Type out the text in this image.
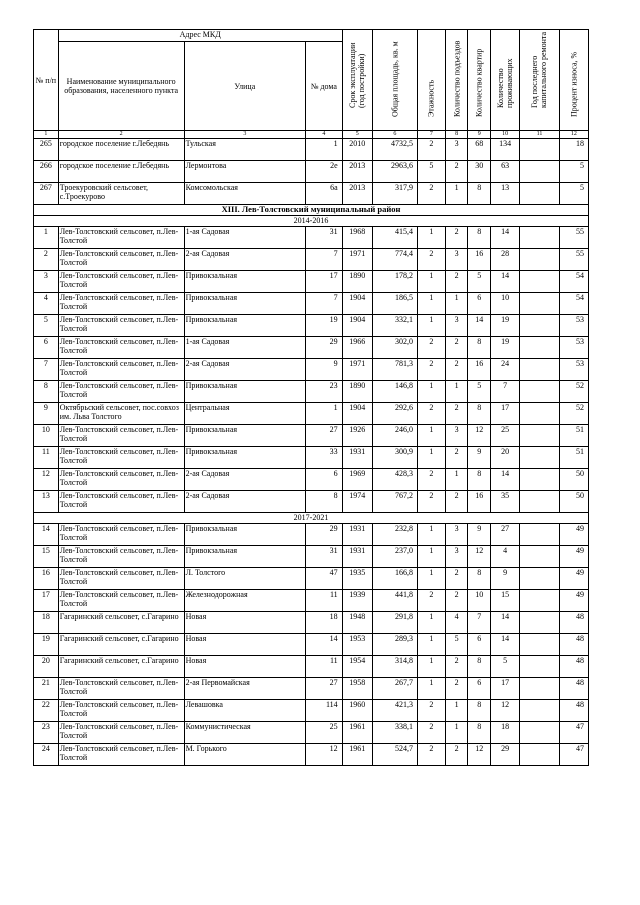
№ п/п	Адрес МКД			Срок эксплуатации (год постройки)	Общая площадь, кв. м	Этажность	Количество подъездов	Количество квартир	Количество проживающих	Год последнего капитального ремонта	Процент износа, %

	Наименование муниципального образования, населенного пункта	Улица	№ дома								
1	2	3	4	5	6	7	8	9	10	11	12
265	городское поселение г.Лебедянь	Тульская	1	2010	4732,5	2	3	68	134		18
266	городское поселение г.Лебедянь	Лермонтова	2е	2013	2963,6	5	2	30	63		5
267	Троекуровский сельсовет, с.Троекурово	Комсомольская	6а	2013	317,9	2	1	8	13		5
XIII. Лев-Толстовский муниципальный район											
2014-2016											
1	Лев-Толстовский сельсовет, п.Лев-Толстой	1-ая Садовая	31	1968	415,4	1	2	8	14		55
2	Лев-Толстовский сельсовет, п.Лев-Толстой	2-ая Садовая	7	1971	774,4	2	3	16	28		55
3	Лев-Толстовский сельсовет, п.Лев-Толстой	Привокзальная	17	1890	178,2	1	2	5	14		54
4	Лев-Толстовский сельсовет, п.Лев-Толстой	Привокзальная	7	1904	186,5	1	1	6	10		54
5	Лев-Толстовский сельсовет, п.Лев-Толстой	Привокзальная	19	1904	332,1	1	3	14	19		53
6	Лев-Толстовский сельсовет, п.Лев-Толстой	1-ая Садовая	29	1966	302,0	2	2	8	19		53
7	Лев-Толстовский сельсовет, п.Лев-Толстой	2-ая Садовая	9	1971	781,3	2	2	16	24		53
8	Лев-Толстовский сельсовет, п.Лев-Толстой	Привокзальная	23	1890	146,8	1	1	5	7		52
9	Октябрьский сельсовет, пос.совхоз им. Льва Толстого	Центральная	1	1904	292,6	2	2	8	17		52
10	Лев-Толстовский сельсовет, п.Лев-Толстой	Привокзальная	27	1926	246,0	1	3	12	25		51
11	Лев-Толстовский сельсовет, п.Лев-Толстой	Привокзальная	33	1931	300,9	1	2	9	20		51
12	Лев-Толстовский сельсовет, п.Лев-Толстой	2-ая Садовая	6	1969	428,3	2	1	8	14		50
13	Лев-Толстовский сельсовет, п.Лев-Толстой	2-ая Садовая	8	1974	767,2	2	2	16	35		50
2017-2021											
14	Лев-Толстовский сельсовет, п.Лев-Толстой	Привокзальная	29	1931	232,8	1	3	9	27		49
15	Лев-Толстовский сельсовет, п.Лев-Толстой	Привокзальная	31	1931	237,0	1	3	12	4		49
16	Лев-Толстовский сельсовет, п.Лев-Толстой	Л. Толстого	47	1935	166,8	1	2	8	9		49
17	Лев-Толстовский сельсовет, п.Лев-Толстой	Железнодорожная	11	1939	441,8	2	2	10	15		49
18	Гагаринский сельсовет, с.Гагарино	Новая	18	1948	291,8	1	4	7	14		48
19	Гагаринский сельсовет, с.Гагарино	Новая	14	1953	289,3	1	5	6	14		48
20	Гагаринский сельсовет, с.Гагарино	Новая	11	1954	314,8	1	2	8	5		48
21	Лев-Толстовский сельсовет, п.Лев-Толстой	2-ая Первомайская	27	1958	267,7	1	2	6	17		48
22	Лев-Толстовский сельсовет, п.Лев-Толстой	Левашовка	114	1960	421,3	2	1	8	12		48
23	Лев-Толстовский сельсовет, п.Лев-Толстой	Коммунистическая	25	1961	338,1	2	1	8	18		47
24	Лев-Толстовский сельсовет, п.Лев-Толстой	М. Горького	12	1961	524,7	2	2	12	29		47
